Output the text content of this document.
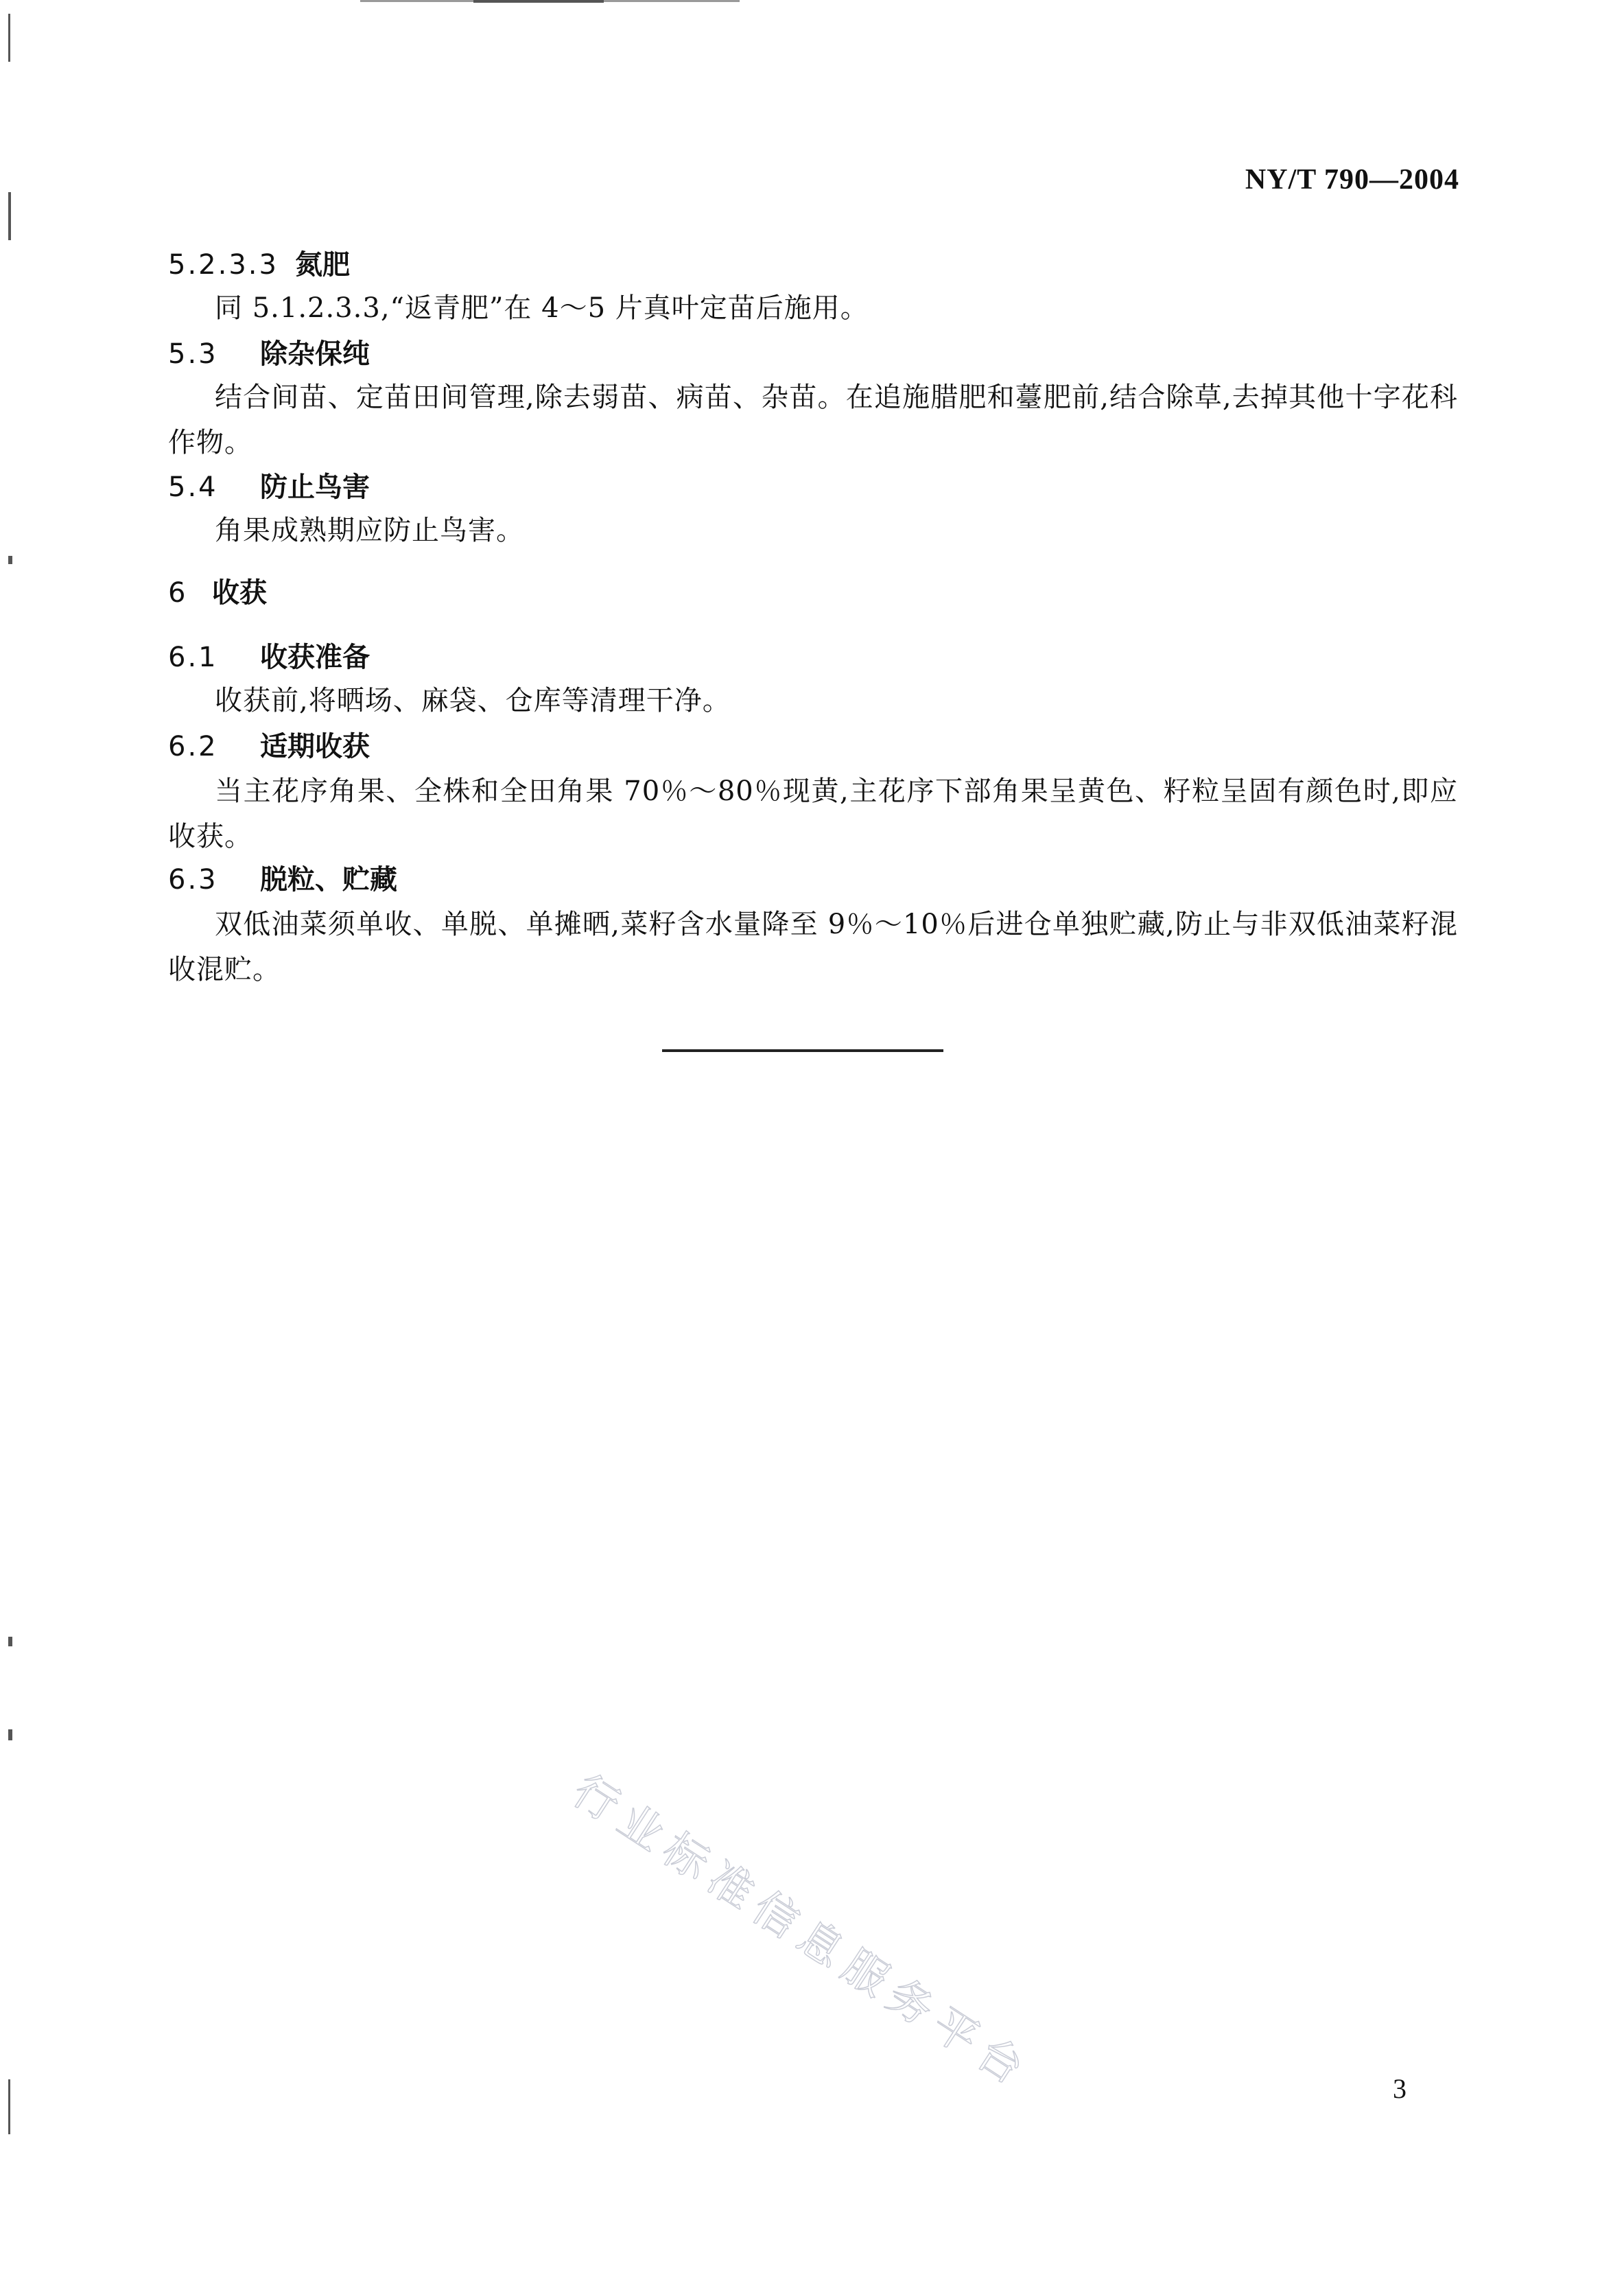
NY/T 790—2004
5.2.3.3 氮肥
同 5.1.2.3.3,“返青肥”在 4～5 片真叶定苗后施用。
5.3 除杂保纯
结合间苗、定苗田间管理,除去弱苗、病苗、杂苗。在追施腊肥和薹肥前,结合除草,去掉其他十字花科作物。
5.4 防止鸟害
角果成熟期应防止鸟害。
6 收获
6.1 收获准备
收获前,将晒场、麻袋、仓库等清理干净。
6.2 适期收获
当主花序角果、全株和全田角果 70％～80％现黄,主花序下部角果呈黄色、籽粒呈固有颜色时,即应收获。
6.3 脱粒、贮藏
双低油菜须单收、单脱、单摊晒,菜籽含水量降至 9％～10％后进仓单独贮藏,防止与非双低油菜籽混收混贮。
行业标准信息服务平台	3
